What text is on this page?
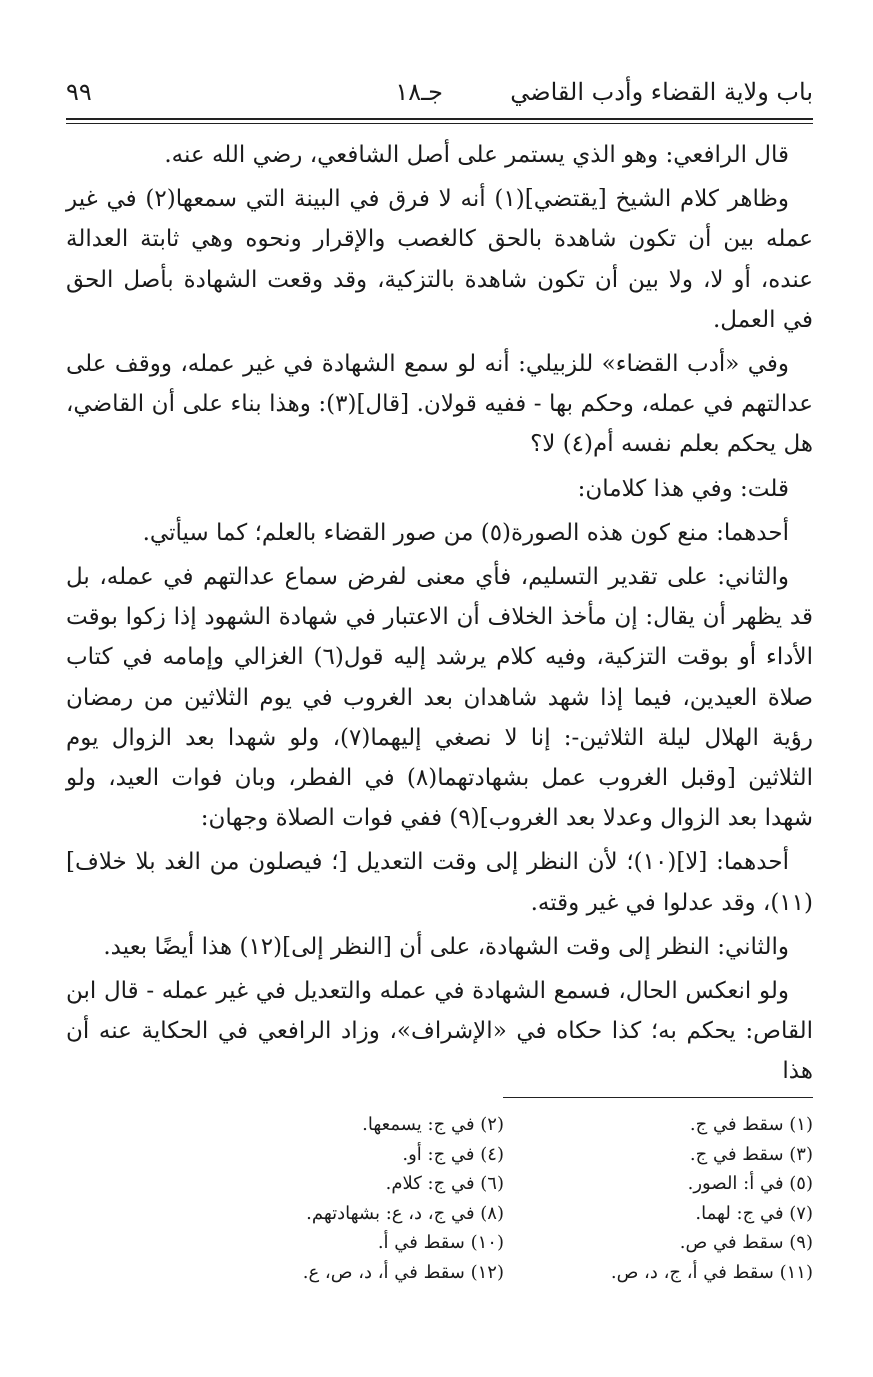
باب ولاية القضاء وأدب القاضي
جـ١٨
٩٩

قال الرافعي: وهو الذي يستمر على أصل الشافعي، رضي الله عنه.

وظاهر كلام الشيخ [يقتضي](١) أنه لا فرق في البينة التي سمعها(٢) في غير عمله بين أن تكون شاهدة بالحق كالغصب والإقرار ونحوه وهي ثابتة العدالة عنده، أو لا، ولا بين أن تكون شاهدة بالتزكية، وقد وقعت الشهادة بأصل الحق في العمل.

وفي «أدب القضاء» للزبيلي: أنه لو سمع الشهادة في غير عمله، ووقف على عدالتهم في عمله، وحكم بها - ففيه قولان. [قال](٣): وهذا بناء على أن القاضي، هل يحكم بعلم نفسه أم(٤) لا؟

قلت: وفي هذا كلامان:

أحدهما: منع كون هذه الصورة(٥) من صور القضاء بالعلم؛ كما سيأتي.

والثاني: على تقدير التسليم، فأي معنى لفرض سماع عدالتهم في عمله، بل قد يظهر أن يقال: إن مأخذ الخلاف أن الاعتبار في شهادة الشهود إذا زكوا بوقت الأداء أو بوقت التزكية، وفيه كلام يرشد إليه قول(٦) الغزالي وإمامه في كتاب صلاة العيدين، فيما إذا شهد شاهدان بعد الغروب في يوم الثلاثين من رمضان رؤية الهلال ليلة الثلاثين-: إنا لا نصغي إليهما(٧)، ولو شهدا بعد الزوال يوم الثلاثين [وقبل الغروب عمل بشهادتهما(٨) في الفطر، وبان فوات العيد، ولو شهدا بعد الزوال وعدلا بعد الغروب](٩) ففي فوات الصلاة وجهان:

أحدهما: [لا](١٠)؛ لأن النظر إلى وقت التعديل [؛ فيصلون من الغد بلا خلاف](١١)، وقد عدلوا في غير وقته.

والثاني: النظر إلى وقت الشهادة، على أن [النظر إلى](١٢) هذا أيضًا بعيد.

ولو انعكس الحال، فسمع الشهادة في عمله والتعديل في غير عمله - قال ابن القاص: يحكم به؛ كذا حكاه في «الإشراف»، وزاد الرافعي في الحكاية عنه أن هذا

(١) سقط في ج.
(٢) في ج: يسمعها.
(٣) سقط في ج.
(٤) في ج: أو.
(٥) في أ: الصور.
(٦) في ج: كلام.
(٧) في ج: لهما.
(٨) في ج، د، ع: بشهادتهم.
(٩) سقط في ص.
(١٠) سقط في أ.
(١١) سقط في أ، ج، د، ص.
(١٢) سقط في أ، د، ص، ع.
